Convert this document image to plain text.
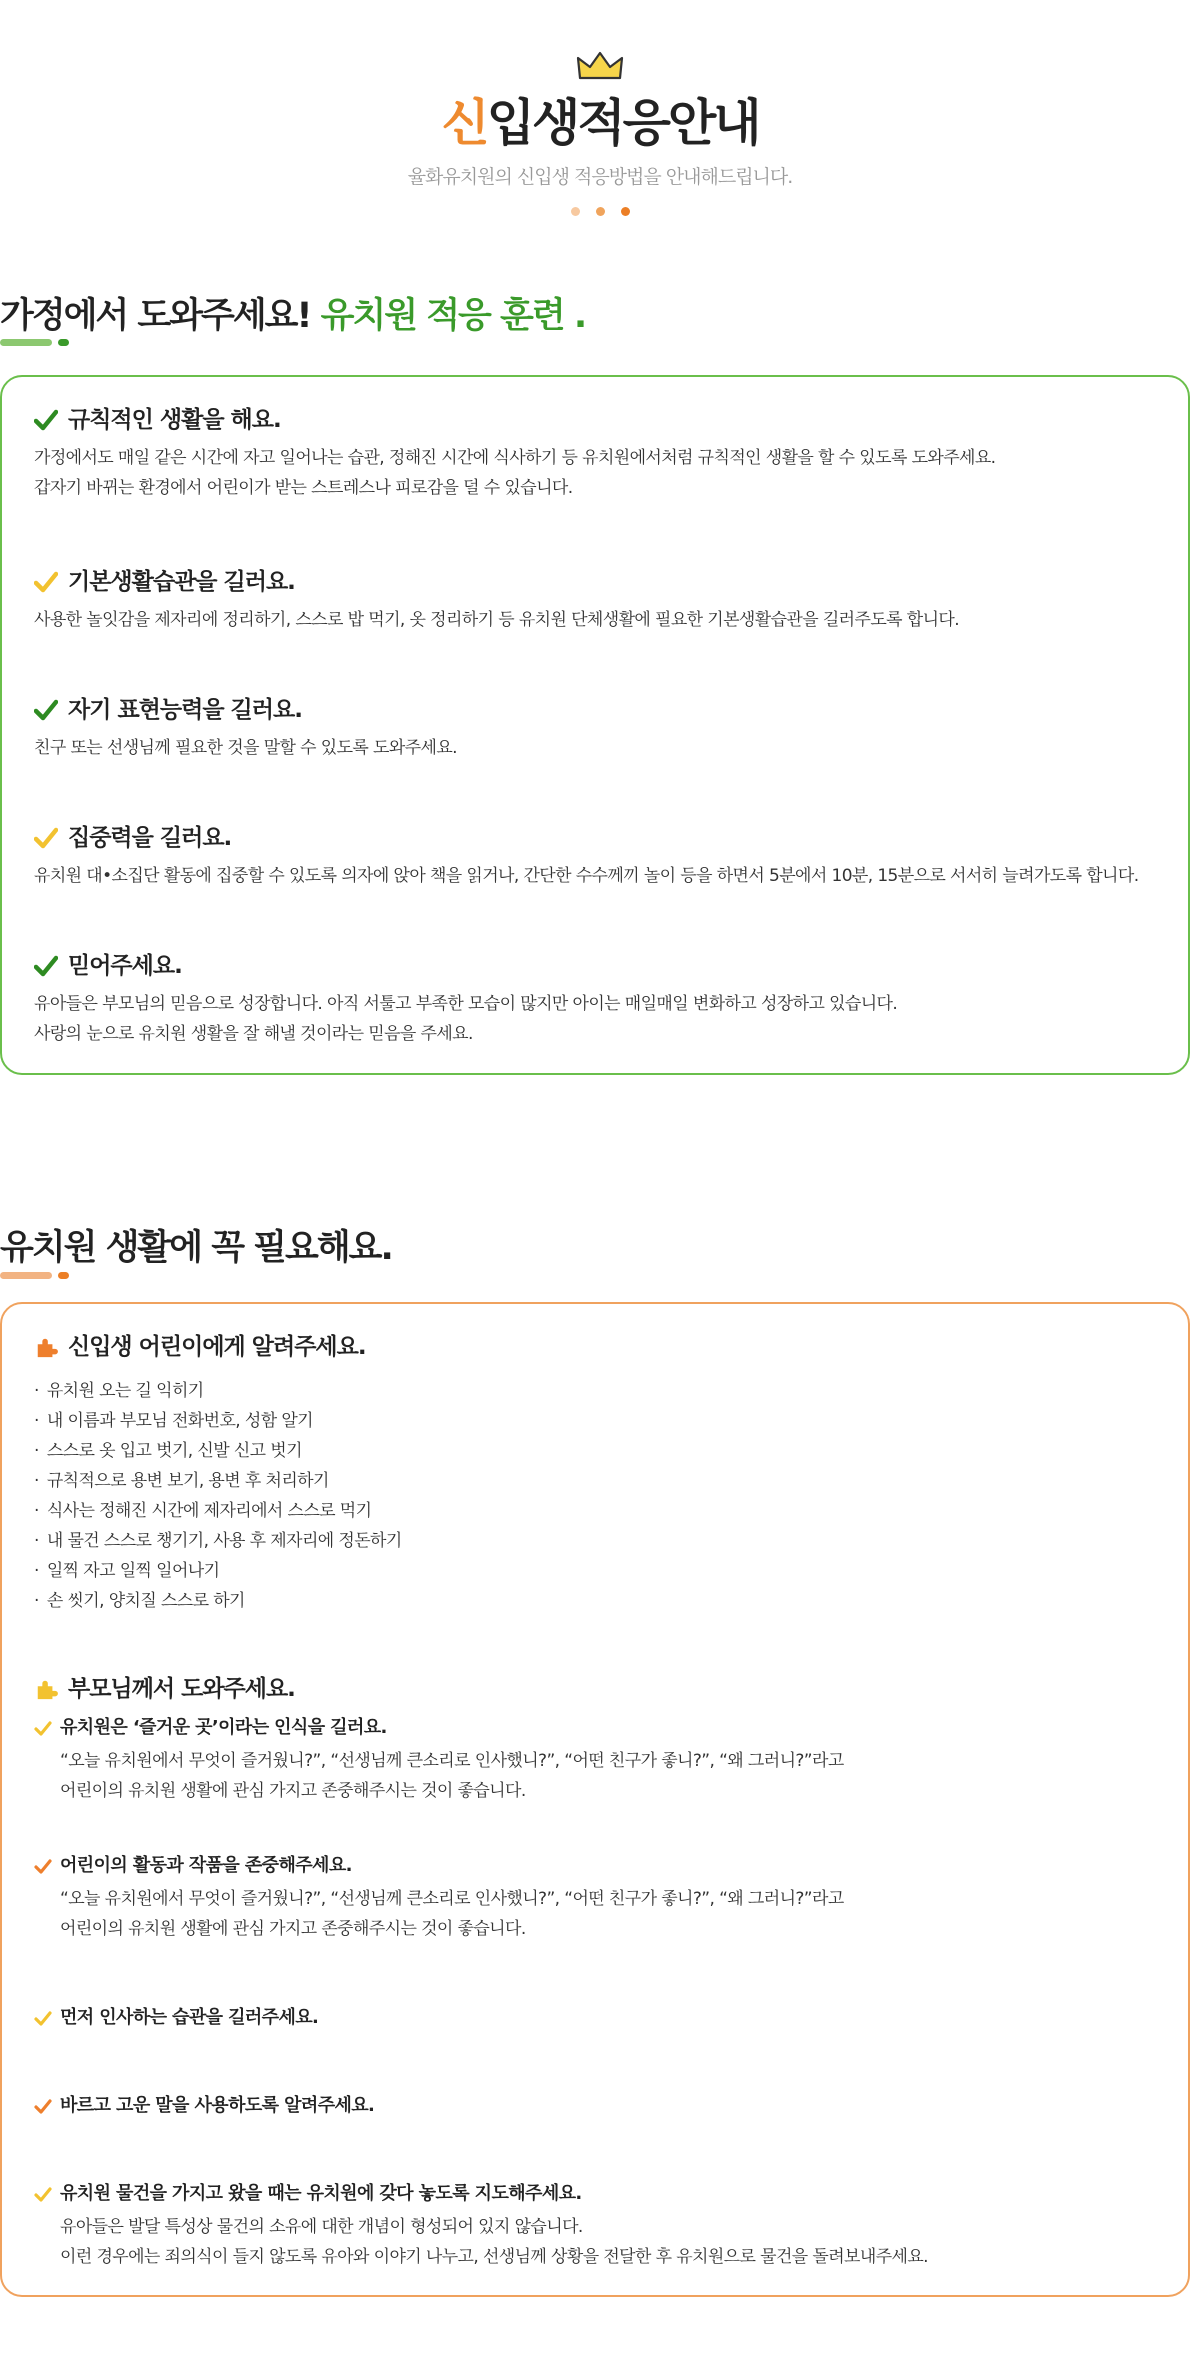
신입생적응안내
율화유치원의 신입생 적응방법을 안내해드립니다.
가정에서 도와주세요! 유치원 적응 훈련 .
규칙적인 생활을 해요.

가정에서도 매일 같은 시간에 자고 일어나는 습관, 정해진 시간에 식사하기 등 유치원에서처럼 규칙적인 생활을 할 수 있도록 도와주세요.
갑자기 바뀌는 환경에서 어린이가 받는 스트레스나 피로감을 덜 수 있습니다.

기본생활습관을 길러요.

사용한 놀잇감을 제자리에 정리하기, 스스로 밥 먹기, 옷 정리하기 등 유치원 단체생활에 필요한 기본생활습관을 길러주도록 합니다.

자기 표현능력을 길러요.

친구 또는 선생님께 필요한 것을 말할 수 있도록 도와주세요.

집중력을 길러요.

유치원 대•소집단 활동에 집중할 수 있도록 의자에 앉아 책을 읽거나, 간단한 수수께끼 놀이 등을 하면서 5분에서 10분, 15분으로 서서히 늘려가도록 합니다.

믿어주세요.

유아들은 부모님의 믿음으로 성장합니다. 아직 서툴고 부족한 모습이 많지만 아이는 매일매일 변화하고 성장하고 있습니다.
사랑의 눈으로 유치원 생활을 잘 해낼 것이라는 믿음을 주세요.

유치원 생활에 꼭 필요해요.
신입생 어린이에게 알려주세요.
· 유치원 오는 길 익히기
· 내 이름과 부모님 전화번호, 성함 알기
· 스스로 옷 입고 벗기, 신발 신고 벗기
· 규칙적으로 용변 보기, 용변 후 처리하기
· 식사는 정해진 시간에 제자리에서 스스로 먹기
· 내 물건 스스로 챙기기, 사용 후 제자리에 정돈하기
· 일찍 자고 일찍 일어나기
· 손 씻기, 양치질 스스로 하기
부모님께서 도와주세요.
유치원은 ‘즐거운 곳’이라는 인식을 길러요.

“오늘 유치원에서 무엇이 즐거웠니?”, “선생님께 큰소리로 인사했니?”, “어떤 친구가 좋니?”, “왜 그러니?”라고
어린이의 유치원 생활에 관심 가지고 존중해주시는 것이 좋습니다.

어린이의 활동과 작품을 존중해주세요.

“오늘 유치원에서 무엇이 즐거웠니?”, “선생님께 큰소리로 인사했니?”, “어떤 친구가 좋니?”, “왜 그러니?”라고
어린이의 유치원 생활에 관심 가지고 존중해주시는 것이 좋습니다.

먼저 인사하는 습관을 길러주세요.
바르고 고운 말을 사용하도록 알려주세요.
유치원 물건을 가지고 왔을 때는 유치원에 갖다 놓도록 지도해주세요.

유아들은 발달 특성상 물건의 소유에 대한 개념이 형성되어 있지 않습니다.
이런 경우에는 죄의식이 들지 않도록 유아와 이야기 나누고, 선생님께 상황을 전달한 후 유치원으로 물건을 돌려보내주세요.
